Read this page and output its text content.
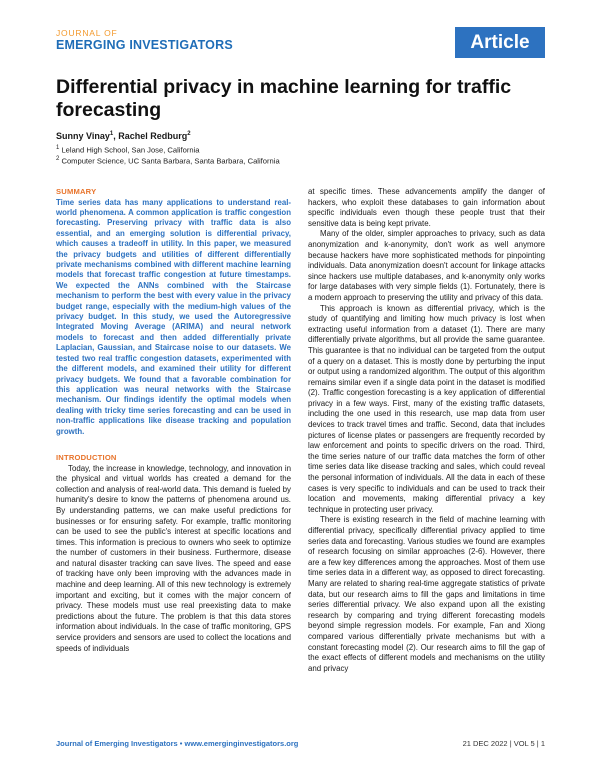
JOURNAL OF
EMERGING INVESTIGATORS	Article
Differential privacy in machine learning for traffic forecasting
Sunny Vinay$^1$, Rachel Redburg$^2$
$^1$ Leland High School, San Jose, California
$^2$ Computer Science, UC Santa Barbara, Santa Barbara, California
SUMMARY
Time series data has many applications to understand real-world phenomena. A common application is traffic congestion forecasting. Preserving privacy with traffic data is also essential, and an emerging solution is differential privacy, which causes a tradeoff in utility. In this paper, we measured the privacy budgets and utilities of different differentially private mechanisms combined with different machine learning models that forecast traffic congestion at future timestamps. We expected the ANNs combined with the Staircase mechanism to perform the best with every value in the privacy budget range, especially with the medium-high values of the privacy budget. In this study, we used the Autoregressive Integrated Moving Average (ARIMA) and neural network models to forecast and then added differentially private Laplacian, Gaussian, and Staircase noise to our datasets. We tested two real traffic congestion datasets, experimented with the different models, and examined their utility for different privacy budgets. We found that a favorable combination for this application was neural networks with the Staircase mechanism. Our findings identify the optimal models when dealing with tricky time series forecasting and can be used in non-traffic applications like disease tracking and population growth.
INTRODUCTION

Today, the increase in knowledge, technology, and innovation in the physical and virtual worlds has created a demand for the collection and analysis of real-world data. This demand is fueled by humanity's desire to know the patterns of phenomena around us. By understanding patterns, we can make useful predictions for businesses or for ensuring safety. For example, traffic monitoring can be used to see the public's interest at specific locations and times. This information is precious to owners who seek to optimize the number of customers in their business. Furthermore, disease and natural disaster tracking can save lives. The speed and ease of tracking have only been improving with the advances made in machine and deep learning. All of this new technology is extremely important and exciting, but it comes with the major concern of privacy. These models must use real preexisting data to make predictions about the future. The problem is that this data stores information about individuals. In the case of traffic monitoring, GPS service providers and sensors are used to collect the locations and speeds of individuals

at specific times. These advancements amplify the danger of hackers, who exploit these databases to gain information about specific individuals even though these people trust that their sensitive data is being kept private.

Many of the older, simpler approaches to privacy, such as data anonymization and k-anonymity, don't work as well anymore because hackers have more sophisticated methods for pinpointing individuals. Data anonymization doesn't account for linkage attacks since hackers use multiple databases, and k-anonymity only works for large databases with very simple fields (1). Fortunately, there is a modern approach to preserving the utility and privacy of this data.

This approach is known as differential privacy, which is the study of quantifying and limiting how much privacy is lost when extracting useful information from a dataset (1). There are many differentially private algorithms, but all provide the same guarantee. This guarantee is that no individual can be targeted from the output of a query on a dataset. This is mostly done by perturbing the input or output using a randomized algorithm. The output of this algorithm remains similar even if a single data point in the dataset is modified (2). Traffic congestion forecasting is a key application of differential privacy in a few ways. First, many of the existing traffic datasets, including the one used in this research, use map data from user devices to track travel times and traffic. Second, data that includes pictures of license plates or passengers are frequently recorded by law enforcement and points to specific drivers on the road. Third, the time series nature of our traffic data matches the form of other time series data like disease tracking and sales, which could reveal the personal information of individuals. All the data in each of these cases is very specific to individuals and can be used to track their location and movements, making differential privacy a key technique in protecting user privacy.

There is existing research in the field of machine learning with differential privacy, specifically differential privacy applied to time series data and forecasting. Various studies we found are examples of research focusing on similar approaches (2-6). However, there are a few key differences among the approaches. Most of them use time series data in a different way, as opposed to direct forecasting. Many are related to sharing real-time aggregate statistics of private data, but our research aims to fill the gaps and limitations in time series differential privacy. We also expand upon all the existing research by comparing and trying different forecasting models beyond simple regression models. For example, Fan and Xiong compared various differentially private mechanisms but with a constant forecasting model (2). Our research aims to fill the gap of the exact effects of different models and mechanisms on the utility and privacy

Journal of Emerging Investigators • www.emerginginvestigators.org	21 DEC 2022 | VOL 5 | 1
